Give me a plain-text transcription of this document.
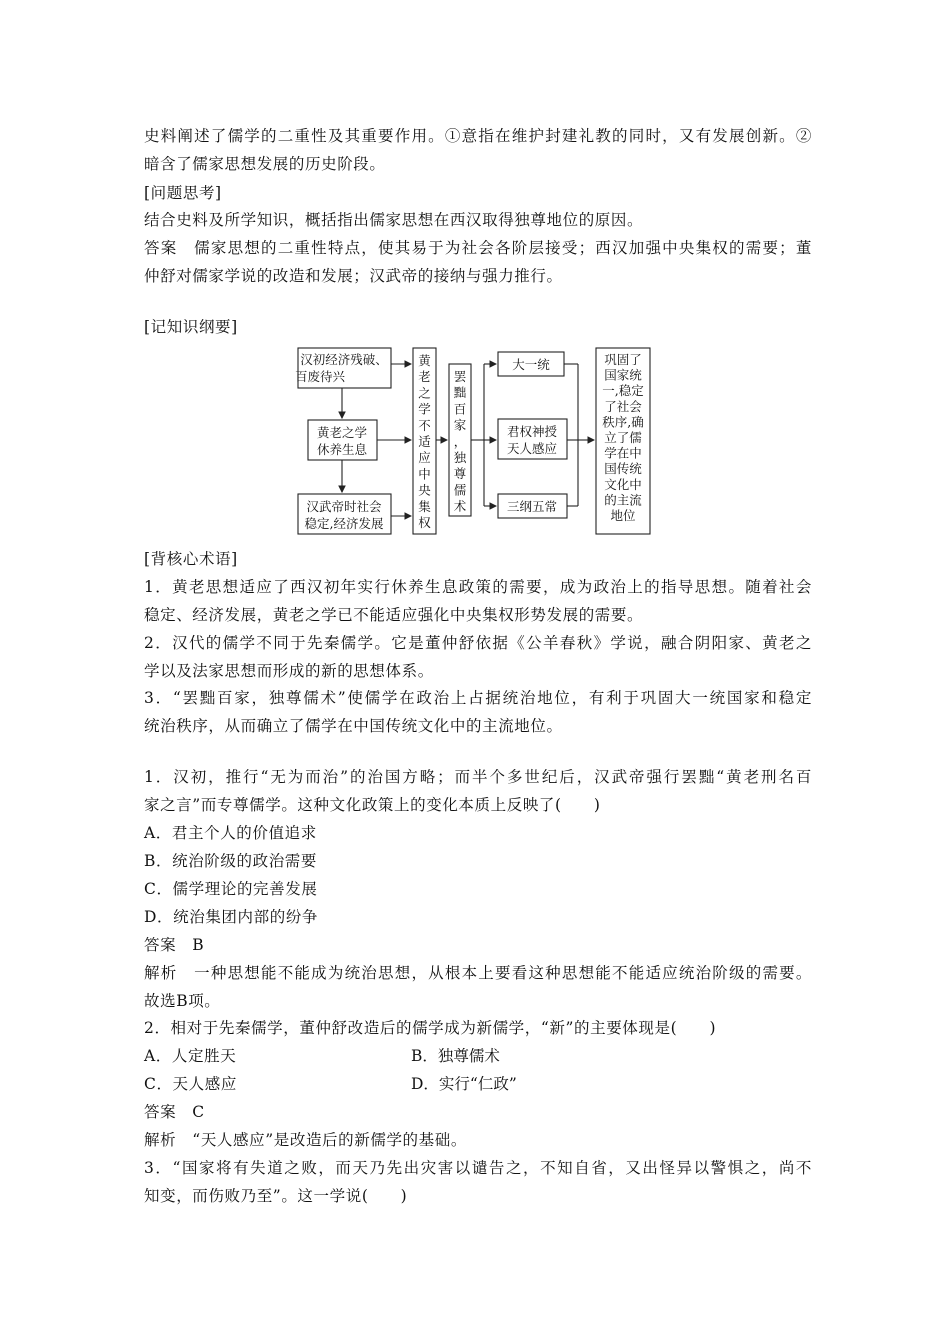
史料阐述了儒学的二重性及其重要作用。①意指在维护封建礼教的同时，又有发展创新。②
暗含了儒家思想发展的历史阶段。
[问题思考]
结合史料及所学知识，概括指出儒家思想在西汉取得独尊地位的原因。
答案　儒家思想的二重性特点，使其易于为社会各阶层接受；西汉加强中央集权的需要；董
仲舒对儒家学说的改造和发展；汉武帝的接纳与强力推行。
[记知识纲要]
汉初经济残破、
百废待兴
黄老之学
休养生息
汉武帝时社会
稳定,经济发展
黄
老
之
学
不
适
应
中
央
集
权
罢
黜
百
家
，
独
尊
儒
术
大一统
君权神授
天人感应
三纲五常
巩固了
国家统
一,稳定
了社会
秩序,确
立了儒
学在中
国传统
文化中
的主流
地位
[背核心术语]
1．黄老思想适应了西汉初年实行休养生息政策的需要，成为政治上的指导思想。随着社会
稳定、经济发展，黄老之学已不能适应强化中央集权形势发展的需要。
2．汉代的儒学不同于先秦儒学。它是董仲舒依据《公羊春秋》学说，融合阴阳家、黄老之
学以及法家思想而形成的新的思想体系。
3．“罢黜百家，独尊儒术”使儒学在政治上占据统治地位，有利于巩固大一统国家和稳定
统治秩序，从而确立了儒学在中国传统文化中的主流地位。
1．汉初，推行“无为而治”的治国方略；而半个多世纪后，汉武帝强行罢黜“黄老刑名百
家之言”而专尊儒学。这种文化政策上的变化本质上反映了(　　)
A．君主个人的价值追求
B．统治阶级的政治需要
C．儒学理论的完善发展
D．统治集团内部的纷争
答案　B
解析　一种思想能不能成为统治思想，从根本上要看这种思想能不能适应统治阶级的需要。
故选B项。
2．相对于先秦儒学，董仲舒改造后的儒学成为新儒学，“新”的主要体现是(　　)
A．人定胜天	B．独尊儒术
C．天人感应	D．实行“仁政”
答案　C
解析　“天人感应”是改造后的新儒学的基础。
3．“国家将有失道之败，而天乃先出灾害以谴告之，不知自省，又出怪异以警惧之，尚不
知变，而伤败乃至”。这一学说(　　)
